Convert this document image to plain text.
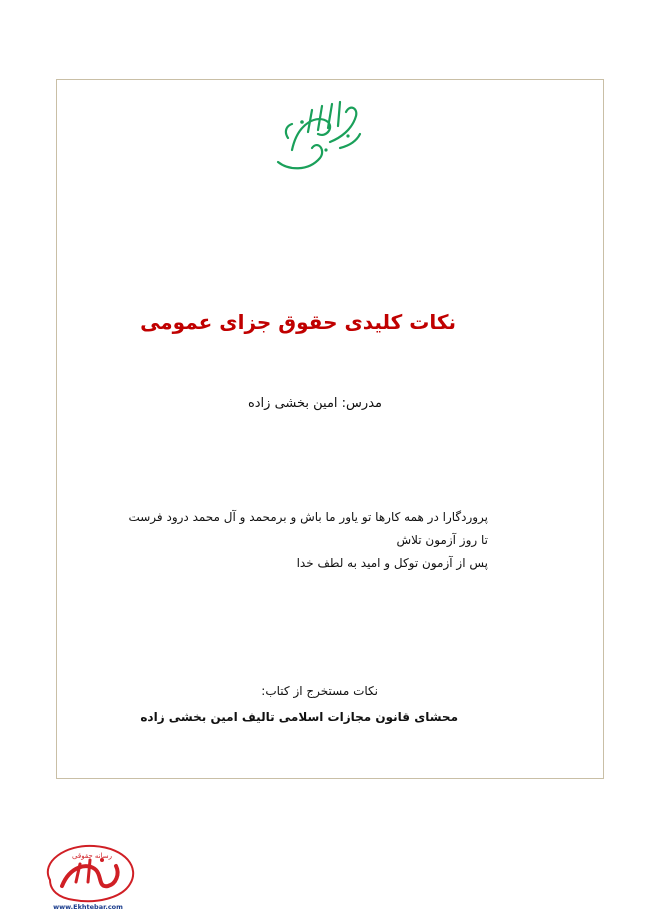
نکات کلیدی حقوق جزای عمومی
مدرس: امین بخشی زاده
پروردگارا در همه کارها تو یاور ما باش و برمحمد و آل محمد درود فرست
تا روز آزمون تلاش
پس از آزمون توکل و امید به لطف خدا
نکات مستخرج از کتاب:
محشای قانون مجازات اسلامی تالیف امین بخشی زاده
رسانه حقوقی
www.Ekhtebar.com
